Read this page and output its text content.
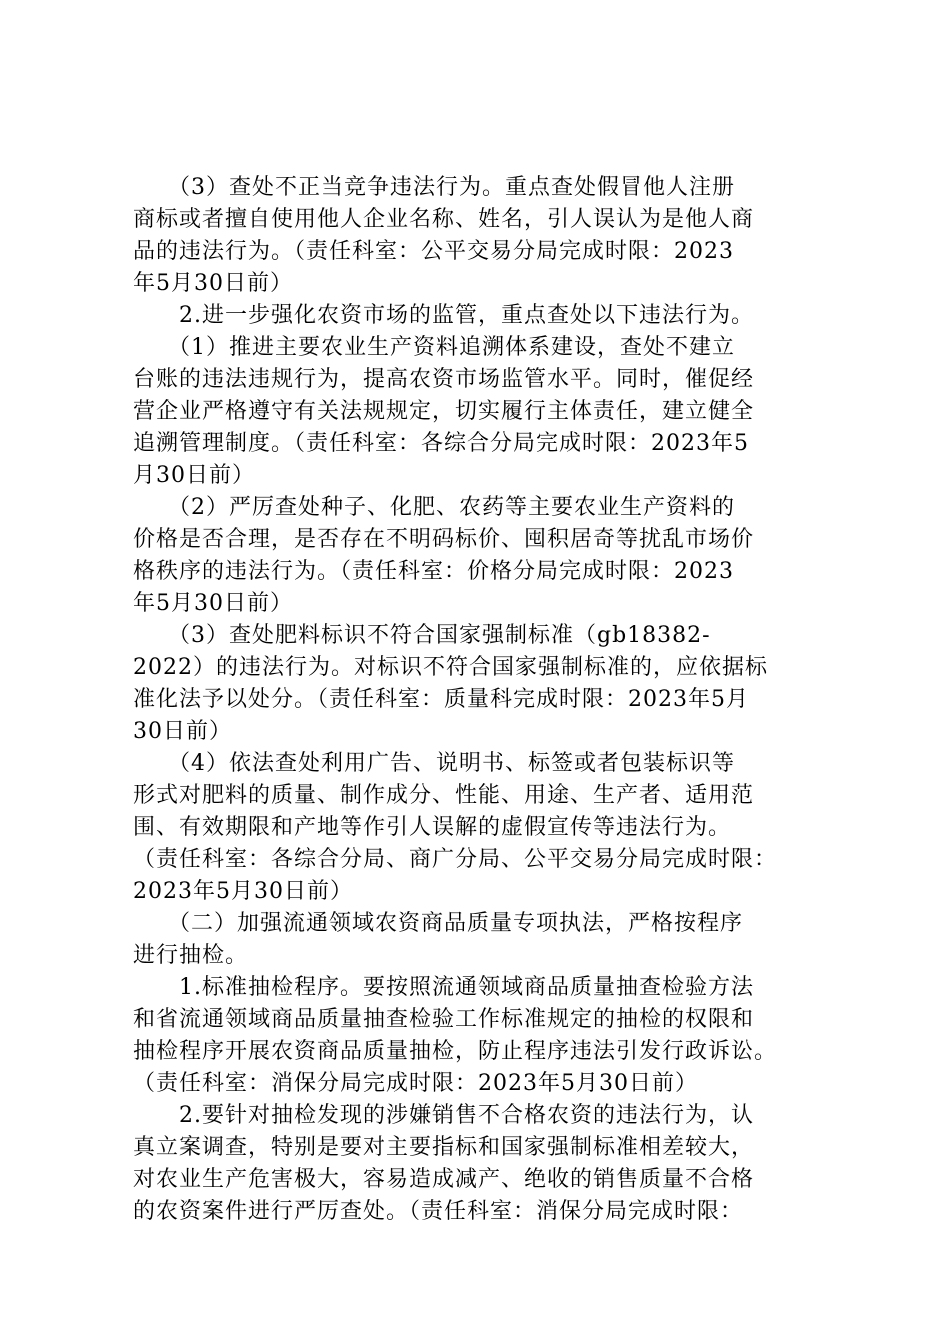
　　（3）查处不正当竞争违法行为。重点查处假冒他人注册
商标或者擅自使用他人企业名称、姓名，引人误认为是他人商
品的违法行为。（责任科室：公平交易分局完成时限：2023
年5月30日前）
　　2.进一步强化农资市场的监管，重点查处以下违法行为。
　　（1）推进主要农业生产资料追溯体系建设，查处不建立
台账的违法违规行为，提高农资市场监管水平。同时，催促经
营企业严格遵守有关法规规定，切实履行主体责任，建立健全
追溯管理制度。（责任科室：各综合分局完成时限：2023年5
月30日前）
　　（2）严厉查处种子、化肥、农药等主要农业生产资料的
价格是否合理，是否存在不明码标价、囤积居奇等扰乱市场价
格秩序的违法行为。（责任科室：价格分局完成时限：2023
年5月30日前）
　　（3）查处肥料标识不符合国家强制标准（gb18382-
2022）的违法行为。对标识不符合国家强制标准的，应依据标
准化法予以处分。（责任科室：质量科完成时限：2023年5月
30日前）
　　（4）依法查处利用广告、说明书、标签或者包装标识等
形式对肥料的质量、制作成分、性能、用途、生产者、适用范
围、有效期限和产地等作引人误解的虚假宣传等违法行为。
（责任科室：各综合分局、商广分局、公平交易分局完成时限：
2023年5月30日前）
　　（二）加强流通领域农资商品质量专项执法，严格按程序
进行抽检。
　　1.标准抽检程序。要按照流通领域商品质量抽查检验方法
和省流通领域商品质量抽查检验工作标准规定的抽检的权限和
抽检程序开展农资商品质量抽检，防止程序违法引发行政诉讼。
（责任科室：消保分局完成时限：2023年5月30日前）
　　2.要针对抽检发现的涉嫌销售不合格农资的违法行为，认
真立案调查，特别是要对主要指标和国家强制标准相差较大，
对农业生产危害极大，容易造成减产、绝收的销售质量不合格
的农资案件进行严厉查处。（责任科室：消保分局完成时限：
